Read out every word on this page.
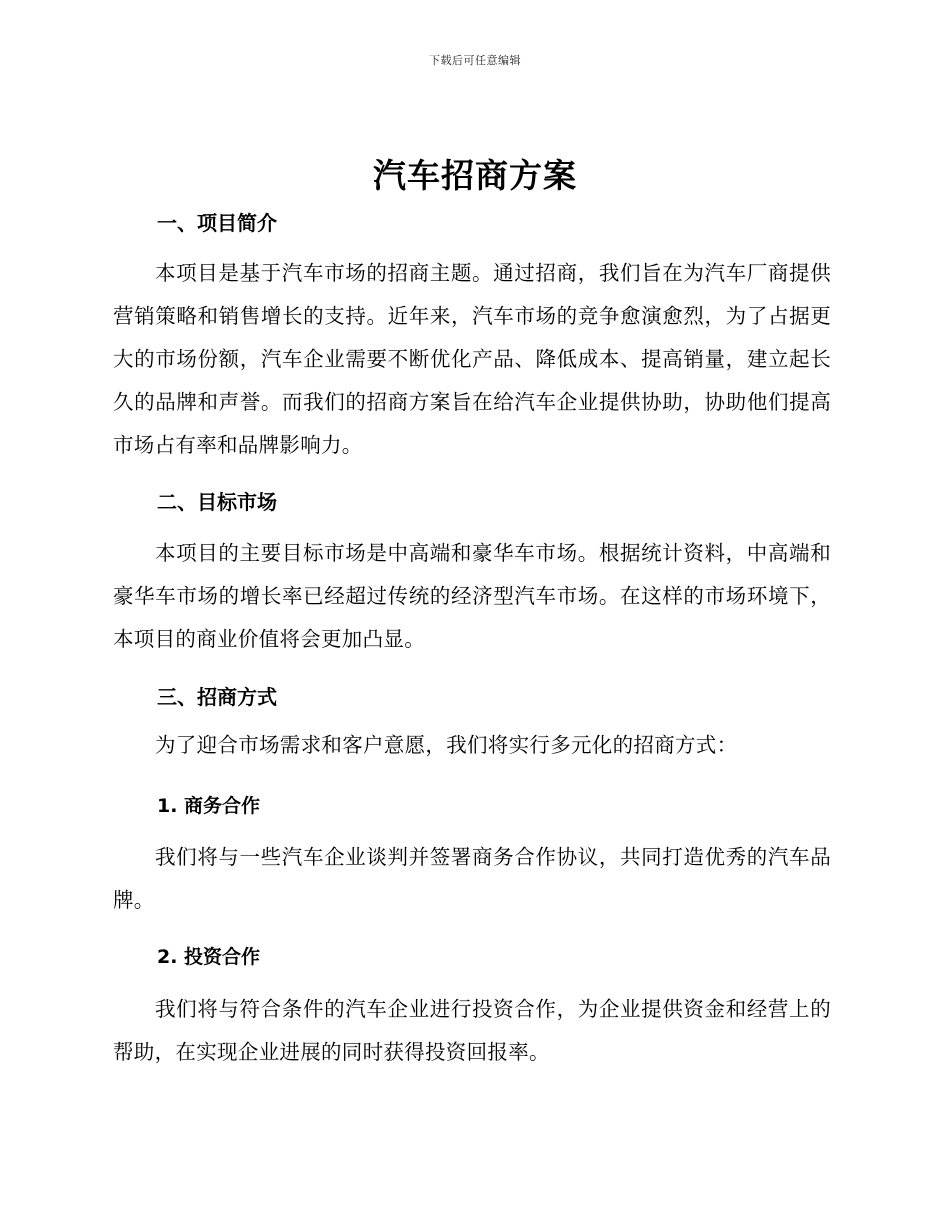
下载后可任意编辑
汽车招商方案
一、项目简介

本项目是基于汽车市场的招商主题。通过招商，我们旨在为汽车厂商提供营销策略和销售增长的支持。近年来，汽车市场的竞争愈演愈烈，为了占据更大的市场份额，汽车企业需要不断优化产品、降低成本、提高销量，建立起长久的品牌和声誉。而我们的招商方案旨在给汽车企业提供协助，协助他们提高市场占有率和品牌影响力。

二、目标市场

本项目的主要目标市场是中高端和豪华车市场。根据统计资料，中高端和豪华车市场的增长率已经超过传统的经济型汽车市场。在这样的市场环境下，本项目的商业价值将会更加凸显。

三、招商方式

为了迎合市场需求和客户意愿，我们将实行多元化的招商方式：

1. 商务合作

我们将与一些汽车企业谈判并签署商务合作协议，共同打造优秀的汽车品牌。

2. 投资合作

我们将与符合条件的汽车企业进行投资合作，为企业提供资金和经营上的帮助，在实现企业进展的同时获得投资回报率。
